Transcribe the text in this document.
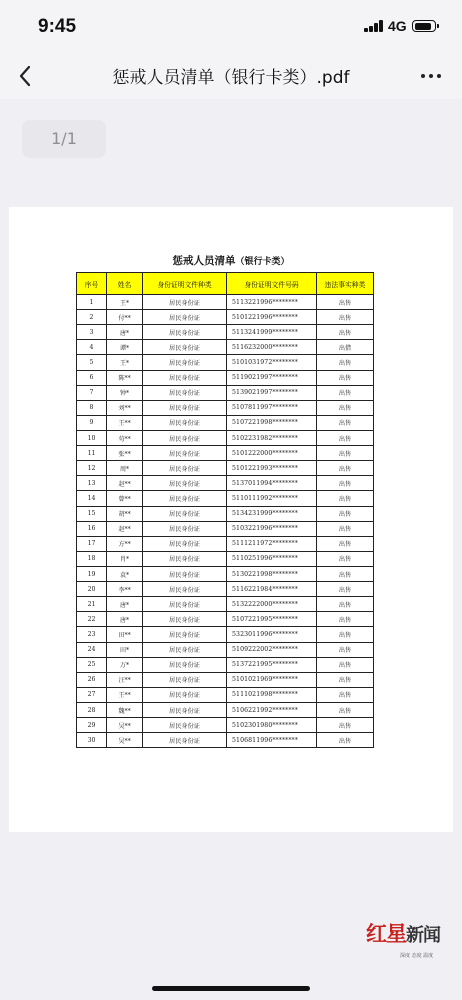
9:45	4G
惩戒人员清单（银行卡类）.pdf
1/1
惩戒人员清单（银行卡类）
序号	姓名	身份证明文件种类	身份证明文件号码	违法事实种类
1	王*	居民身份证	5113221996********	出售
2	付**	居民身份证	5101221996********	出售
3	唐*	居民身份证	5113241999********	出售
4	谭*	居民身份证	5116232000********	出借
5	王*	居民身份证	5101031972********	出售
6	陈**	居民身份证	5119021997********	出售
7	钟*	居民身份证	5139021997********	出售
8	刘**	居民身份证	5107811997********	出售
9	王**	居民身份证	5107221998********	出售
10	苟**	居民身份证	5102231982********	出售
11	张**	居民身份证	5101222000********	出售
12	周*	居民身份证	5101221993********	出售
13	赵**	居民身份证	5137011994********	出售
14	曾**	居民身份证	5110111992********	出售
15	胡**	居民身份证	5134231999********	出售
16	赵**	居民身份证	5103221996********	出售
17	方**	居民身份证	5111211972********	出售
18	肖*	居民身份证	5110251996********	出售
19	袁*	居民身份证	5130221998********	出售
20	李**	居民身份证	5116221984********	出售
21	唐*	居民身份证	5132222000********	出售
22	唐*	居民身份证	5107221995********	出售
23	田**	居民身份证	5323011996********	出售
24	田*	居民身份证	5109222002********	出售
25	万*	居民身份证	5137221995********	出售
26	汪**	居民身份证	5101021969********	出售
27	王**	居民身份证	5111021998********	出售
28	魏**	居民身份证	5106221992********	出售
29	吴**	居民身份证	5102301980********	出售
30	吴**	居民身份证	5106811996********	出售
红星新闻
深度 态度 温度
